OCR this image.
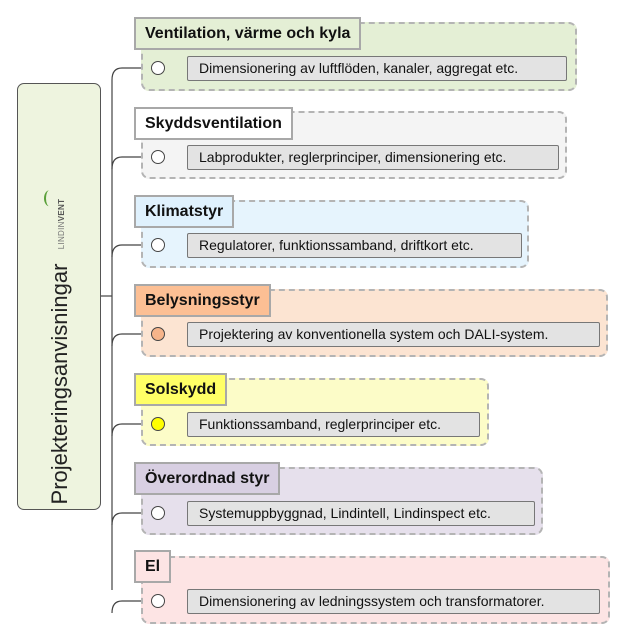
LINDINVENT
Projekteringsanvisningar
Ventilation, värme och kyla
Dimensionering av luftflöden, kanaler, aggregat etc.
Skyddsventilation
Labprodukter, reglerprinciper, dimensionering etc.
Klimatstyr
Regulatorer, funktionssamband, driftkort etc.
Belysningsstyr
Projektering av konventionella system och DALI-system.
Solskydd
Funktionssamband, reglerprinciper etc.
Överordnad styr
Systemuppbyggnad, Lindintell, Lindinspect etc.
El
Dimensionering av ledningssystem och transformatorer.
